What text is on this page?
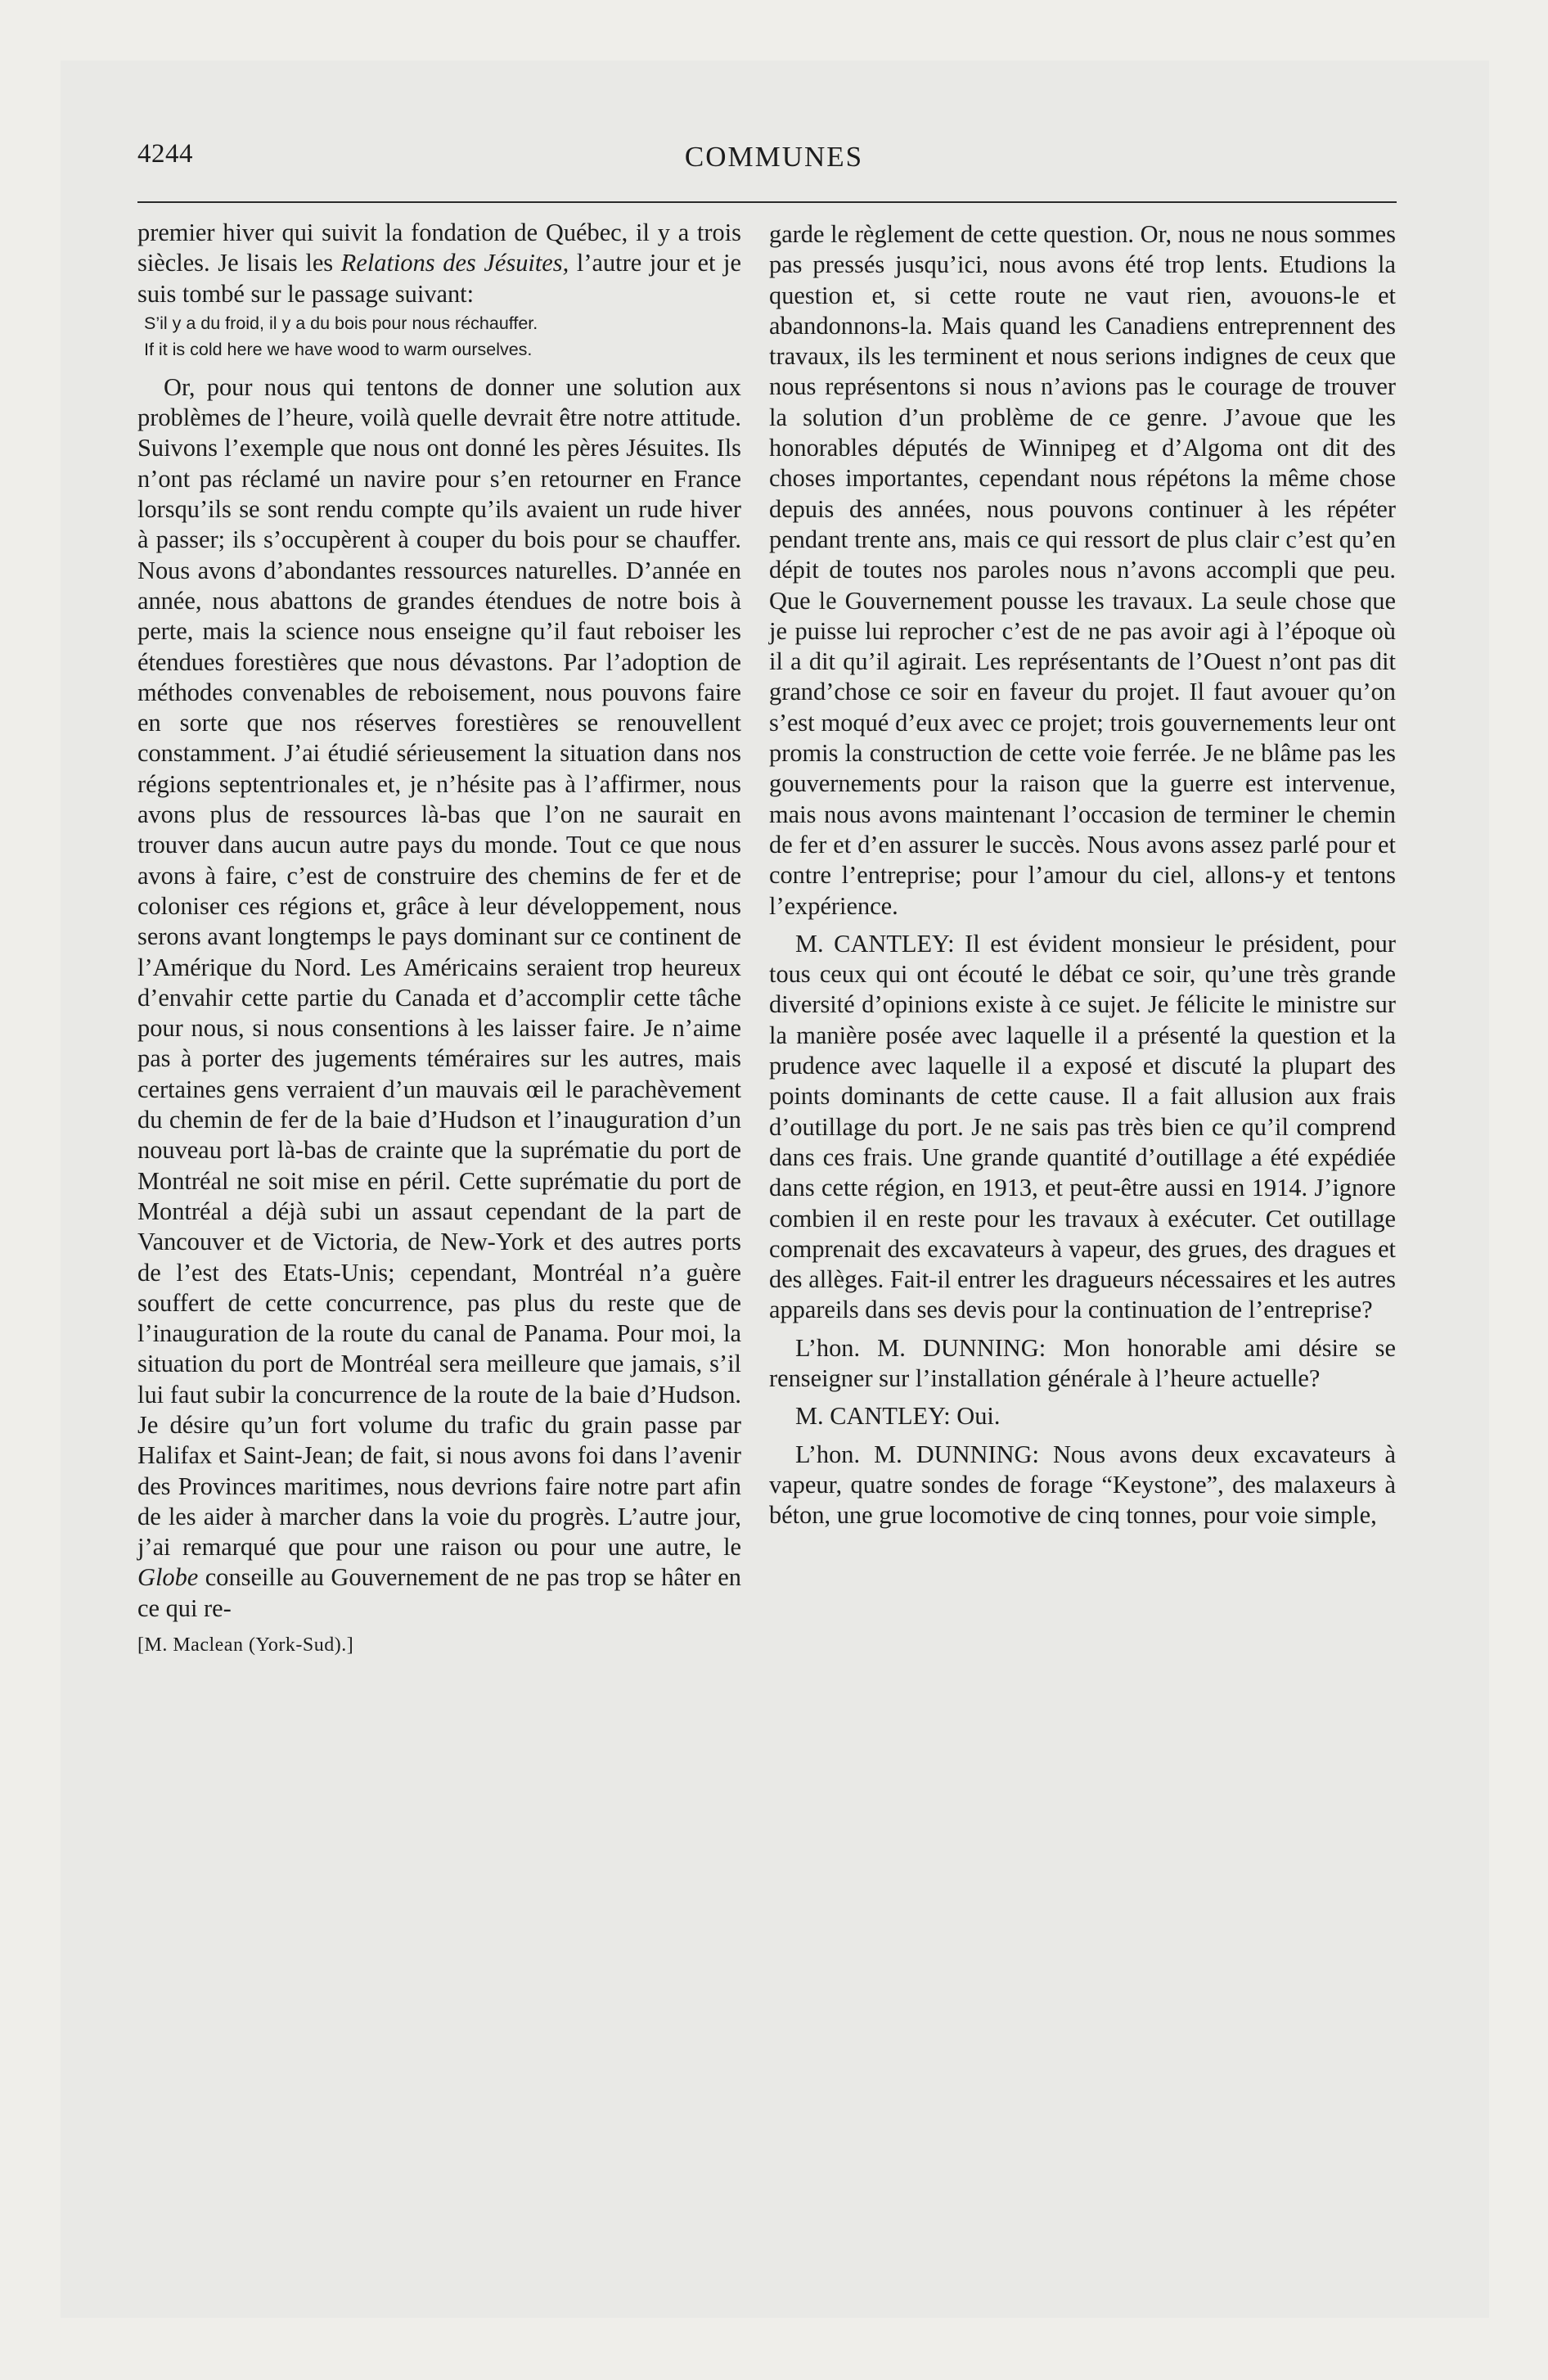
4244	COMMUNES

premier hiver qui suivit la fondation de Québec, il y a trois siècles. Je lisais les Relations des Jésuites, l’autre jour et je suis tombé sur le passage suivant:

S’il y a du froid, il y a du bois pour nous réchauffer.
If it is cold here we have wood to warm ourselves.

Or, pour nous qui tentons de donner une solution aux problèmes de l’heure, voilà quelle devrait être notre attitude. Suivons l’exemple que nous ont donné les pères Jésuites. Ils n’ont pas réclamé un navire pour s’en retourner en France lorsqu’ils se sont rendu compte qu’ils avaient un rude hiver à passer; ils s’occupèrent à couper du bois pour se chauffer. Nous avons d’abondantes ressources naturelles. D’année en année, nous abattons de grandes étendues de notre bois à perte, mais la science nous enseigne qu’il faut reboiser les étendues forestières que nous dévastons. Par l’adoption de méthodes convenables de reboisement, nous pouvons faire en sorte que nos réserves forestières se renouvellent constamment. J’ai étudié sérieusement la situation dans nos régions septentrionales et, je n’hésite pas à l’affirmer, nous avons plus de ressources là-bas que l’on ne saurait en trouver dans aucun autre pays du monde. Tout ce que nous avons à faire, c’est de construire des chemins de fer et de coloniser ces régions et, grâce à leur développement, nous serons avant longtemps le pays dominant sur ce continent de l’Amérique du Nord. Les Américains seraient trop heureux d’envahir cette partie du Canada et d’accomplir cette tâche pour nous, si nous consentions à les laisser faire. Je n’aime pas à porter des jugements téméraires sur les autres, mais certaines gens verraient d’un mauvais œil le parachèvement du chemin de fer de la baie d’Hudson et l’inauguration d’un nouveau port là-bas de crainte que la suprématie du port de Montréal ne soit mise en péril. Cette suprématie du port de Montréal a déjà subi un assaut cependant de la part de Vancouver et de Victoria, de New-York et des autres ports de l’est des Etats-Unis; cependant, Montréal n’a guère souffert de cette concurrence, pas plus du reste que de l’inauguration de la route du canal de Panama. Pour moi, la situation du port de Montréal sera meilleure que jamais, s’il lui faut subir la concurrence de la route de la baie d’Hudson. Je désire qu’un fort volume du trafic du grain passe par Halifax et Saint-Jean; de fait, si nous avons foi dans l’avenir des Provinces maritimes, nous devrions faire notre part afin de les aider à marcher dans la voie du progrès. L’autre jour, j’ai remarqué que pour une raison ou pour une autre, le Globe conseille au Gouvernement de ne pas trop se hâter en ce qui re-

[M. Maclean (York-Sud).]

garde le règlement de cette question. Or, nous ne nous sommes pas pressés jusqu’ici, nous avons été trop lents. Etudions la question et, si cette route ne vaut rien, avouons-le et abandonnons-la. Mais quand les Canadiens entreprennent des travaux, ils les terminent et nous serions indignes de ceux que nous représentons si nous n’avions pas le courage de trouver la solution d’un problème de ce genre. J’avoue que les honorables députés de Winnipeg et d’Algoma ont dit des choses importantes, cependant nous répétons la même chose depuis des années, nous pouvons continuer à les répéter pendant trente ans, mais ce qui ressort de plus clair c’est qu’en dépit de toutes nos paroles nous n’avons accompli que peu. Que le Gouvernement pousse les travaux. La seule chose que je puisse lui reprocher c’est de ne pas avoir agi à l’époque où il a dit qu’il agirait. Les représentants de l’Ouest n’ont pas dit grand’chose ce soir en faveur du projet. Il faut avouer qu’on s’est moqué d’eux avec ce projet; trois gouvernements leur ont promis la construction de cette voie ferrée. Je ne blâme pas les gouvernements pour la raison que la guerre est intervenue, mais nous avons maintenant l’occasion de terminer le chemin de fer et d’en assurer le succès. Nous avons assez parlé pour et contre l’entreprise; pour l’amour du ciel, allons-y et tentons l’expérience.

M. CANTLEY: Il est évident monsieur le président, pour tous ceux qui ont écouté le débat ce soir, qu’une très grande diversité d’opinions existe à ce sujet. Je félicite le ministre sur la manière posée avec laquelle il a présenté la question et la prudence avec laquelle il a exposé et discuté la plupart des points dominants de cette cause. Il a fait allusion aux frais d’outillage du port. Je ne sais pas très bien ce qu’il comprend dans ces frais. Une grande quantité d’outillage a été expédiée dans cette région, en 1913, et peut-être aussi en 1914. J’ignore combien il en reste pour les travaux à exécuter. Cet outillage comprenait des excavateurs à vapeur, des grues, des dragues et des allèges. Fait-il entrer les dragueurs nécessaires et les autres appareils dans ses devis pour la continuation de l’entreprise?

L’hon. M. DUNNING: Mon honorable ami désire se renseigner sur l’installation générale à l’heure actuelle?

M. CANTLEY: Oui.

L’hon. M. DUNNING: Nous avons deux excavateurs à vapeur, quatre sondes de forage “Keystone”, des malaxeurs à béton, une grue locomotive de cinq tonnes, pour voie simple,
